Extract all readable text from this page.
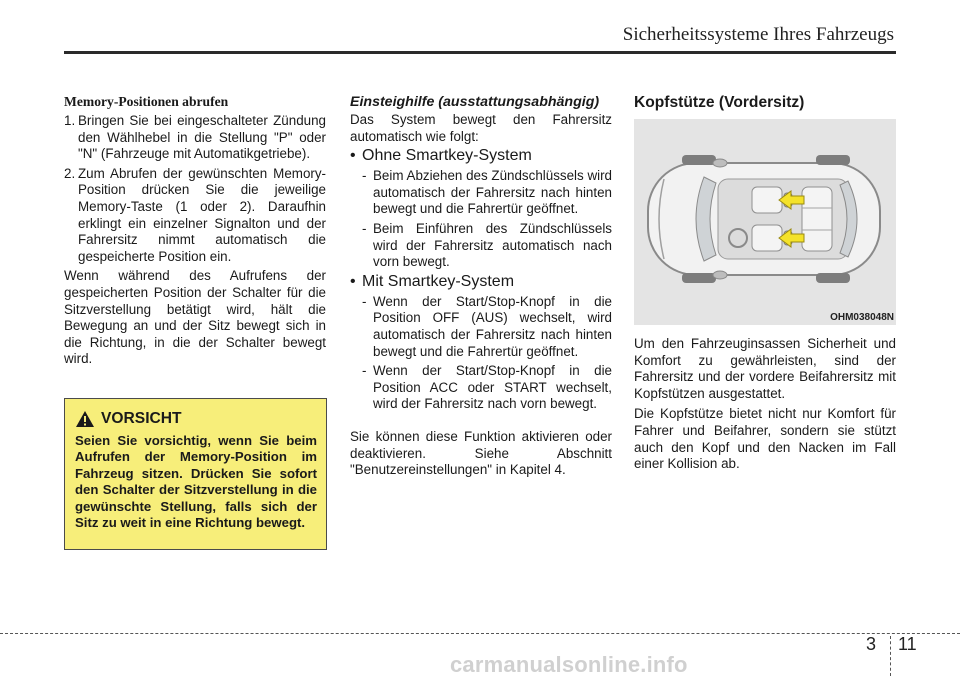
Sicherheitssysteme Ihres Fahrzeugs
Memory-Positionen abrufen
1. Bringen Sie bei eingeschalteter Zündung den Wählhebel in die Stellung "P" oder "N" (Fahrzeuge mit Automatikgetriebe).
2. Zum Abrufen der gewünschten Memory-Position drücken Sie die jeweilige Memory-Taste (1 oder 2). Daraufhin erklingt ein einzelner Signalton und der Fahrersitz nimmt automatisch die gespeicherte Position ein.

Wenn während des Aufrufens der gespeicherten Position der Schalter für die Sitzverstellung betätigt wird, hält die Bewegung an und der Sitz bewegt sich in die Richtung, in die der Schalter bewegt wird.

VORSICHT
Seien Sie vorsichtig, wenn Sie beim Aufrufen der Memory-Position im Fahrzeug sitzen. Drücken Sie sofort den Schalter der Sitzverstellung in die gewünschte Stellung, falls sich der Sitz zu weit in eine Richtung bewegt.
Einsteighilfe (ausstattungsabhängig)

Das System bewegt den Fahrersitz automatisch wie folgt:

• Ohne Smartkey-System
- Beim Abziehen des Zündschlüssels wird automatisch der Fahrersitz nach hinten bewegt und die Fahrertür geöffnet.
- Beim Einführen des Zündschlüssels wird der Fahrersitz automatisch nach vorn bewegt.
• Mit Smartkey-System
- Wenn der Start/Stop-Knopf in die Position OFF (AUS) wechselt, wird automatisch der Fahrersitz nach hinten bewegt und die Fahrertür geöffnet.
- Wenn der Start/Stop-Knopf in die Position ACC oder START wechselt, wird der Fahrersitz nach vorn bewegt.

Sie können diese Funktion aktivieren oder deaktivieren. Siehe Abschnitt "Benutzereinstellungen" in Kapitel 4.

Kopfstütze (Vordersitz)
OHM038048N

Um den Fahrzeuginsassen Sicherheit und Komfort zu gewährleisten, sind der Fahrersitz und der vordere Beifahrersitz mit Kopfstützen ausgestattet.

Die Kopfstütze bietet nicht nur Komfort für Fahrer und Beifahrer, sondern sie stützt auch den Kopf und den Nacken im Fall einer Kollision ab.

3 11
carmanualsonline.info
